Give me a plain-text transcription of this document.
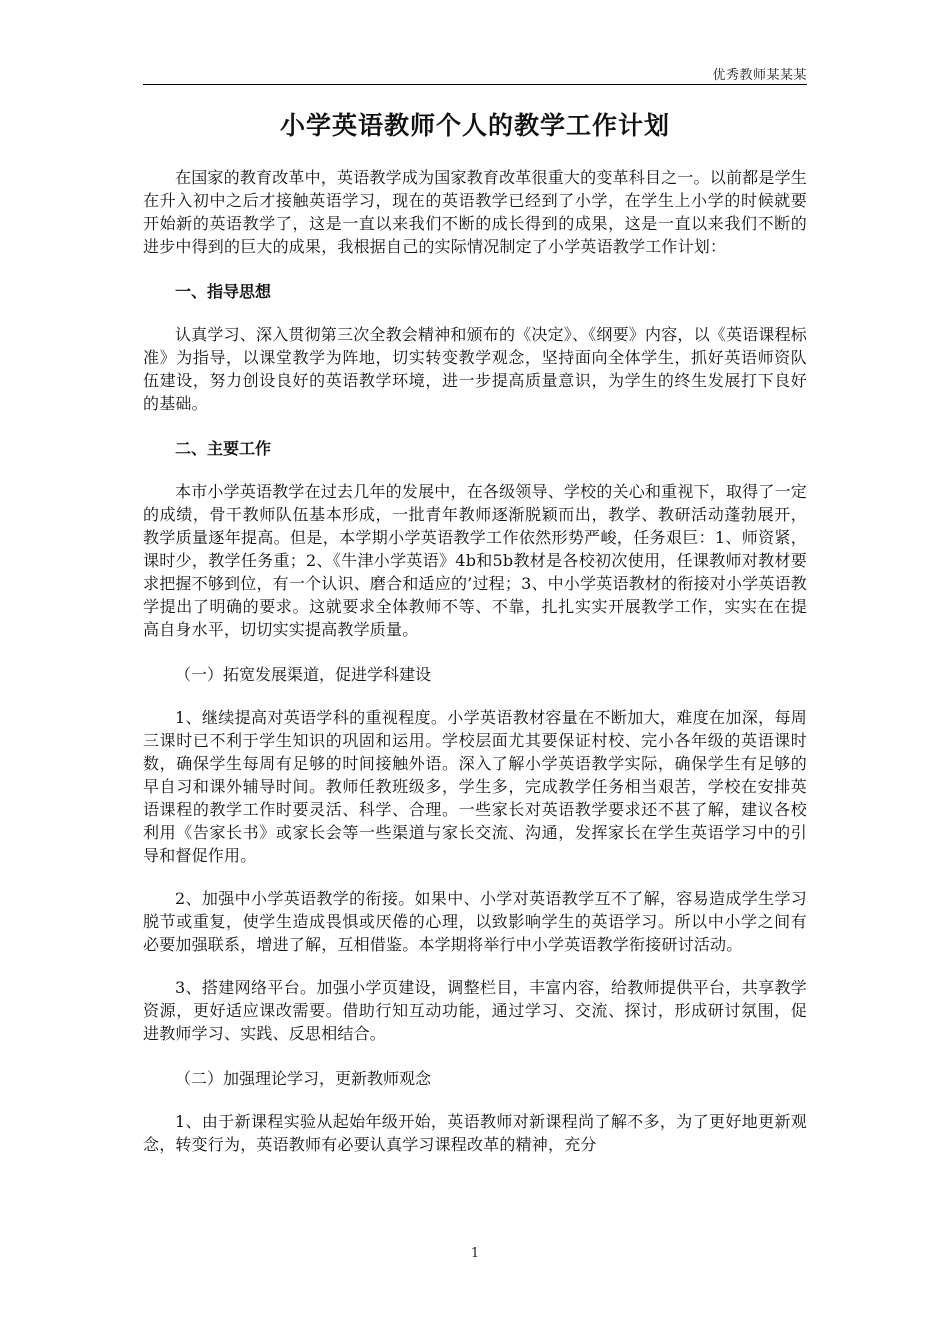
优秀教师某某某
小学英语教师个人的教学工作计划

在国家的教育改革中，英语教学成为国家教育改革很重大的变革科目之一。以前都是学生在升入初中之后才接触英语学习，现在的英语教学已经到了小学，在学生上小学的时候就要开始新的英语教学了，这是一直以来我们不断的成长得到的成果，这是一直以来我们不断的进步中得到的巨大的成果，我根据自己的实际情况制定了小学英语教学工作计划：

一、指导思想

认真学习、深入贯彻第三次全教会精神和颁布的《决定》、《纲要》内容，以《英语课程标准》为指导，以课堂教学为阵地，切实转变教学观念，坚持面向全体学生，抓好英语师资队伍建设，努力创设良好的英语教学环境，进一步提高质量意识，为学生的终生发展打下良好的基础。

二、主要工作

本市小学英语教学在过去几年的发展中，在各级领导、学校的关心和重视下，取得了一定的成绩，骨干教师队伍基本形成，一批青年教师逐渐脱颖而出，教学、教研活动蓬勃展开，教学质量逐年提高。但是，本学期小学英语教学工作依然形势严峻，任务艰巨：1、师资紧，课时少，教学任务重；2、《牛津小学英语》4b和5b教材是各校初次使用，任课教师对教材要求把握不够到位，有一个认识、磨合和适应的’过程；3、中小学英语教材的衔接对小学英语教学提出了明确的要求。这就要求全体教师不等、不靠，扎扎实实开展教学工作，实实在在提高自身水平，切切实实提高教学质量。

（一）拓宽发展渠道，促进学科建设

1、继续提高对英语学科的重视程度。小学英语教材容量在不断加大，难度在加深，每周三课时已不利于学生知识的巩固和运用。学校层面尤其要保证村校、完小各年级的英语课时数，确保学生每周有足够的时间接触外语。深入了解小学英语教学实际，确保学生有足够的早自习和课外辅导时间。教师任教班级多，学生多，完成教学任务相当艰苦，学校在安排英语课程的教学工作时要灵活、科学、合理。一些家长对英语教学要求还不甚了解，建议各校利用《告家长书》或家长会等一些渠道与家长交流、沟通，发挥家长在学生英语学习中的引导和督促作用。

2、加强中小学英语教学的衔接。如果中、小学对英语教学互不了解，容易造成学生学习脱节或重复，使学生造成畏惧或厌倦的心理，以致影响学生的英语学习。所以中小学之间有必要加强联系，增进了解，互相借鉴。本学期将举行中小学英语教学衔接研讨活动。

3、搭建网络平台。加强小学页建设，调整栏目，丰富内容，给教师提供平台，共享教学资源，更好适应课改需要。借助行知互动功能，通过学习、交流、探讨，形成研讨氛围，促进教师学习、实践、反思相结合。

（二）加强理论学习，更新教师观念

1、由于新课程实验从起始年级开始，英语教师对新课程尚了解不多，为了更好地更新观念，转变行为，英语教师有必要认真学习课程改革的精神，充分

1
